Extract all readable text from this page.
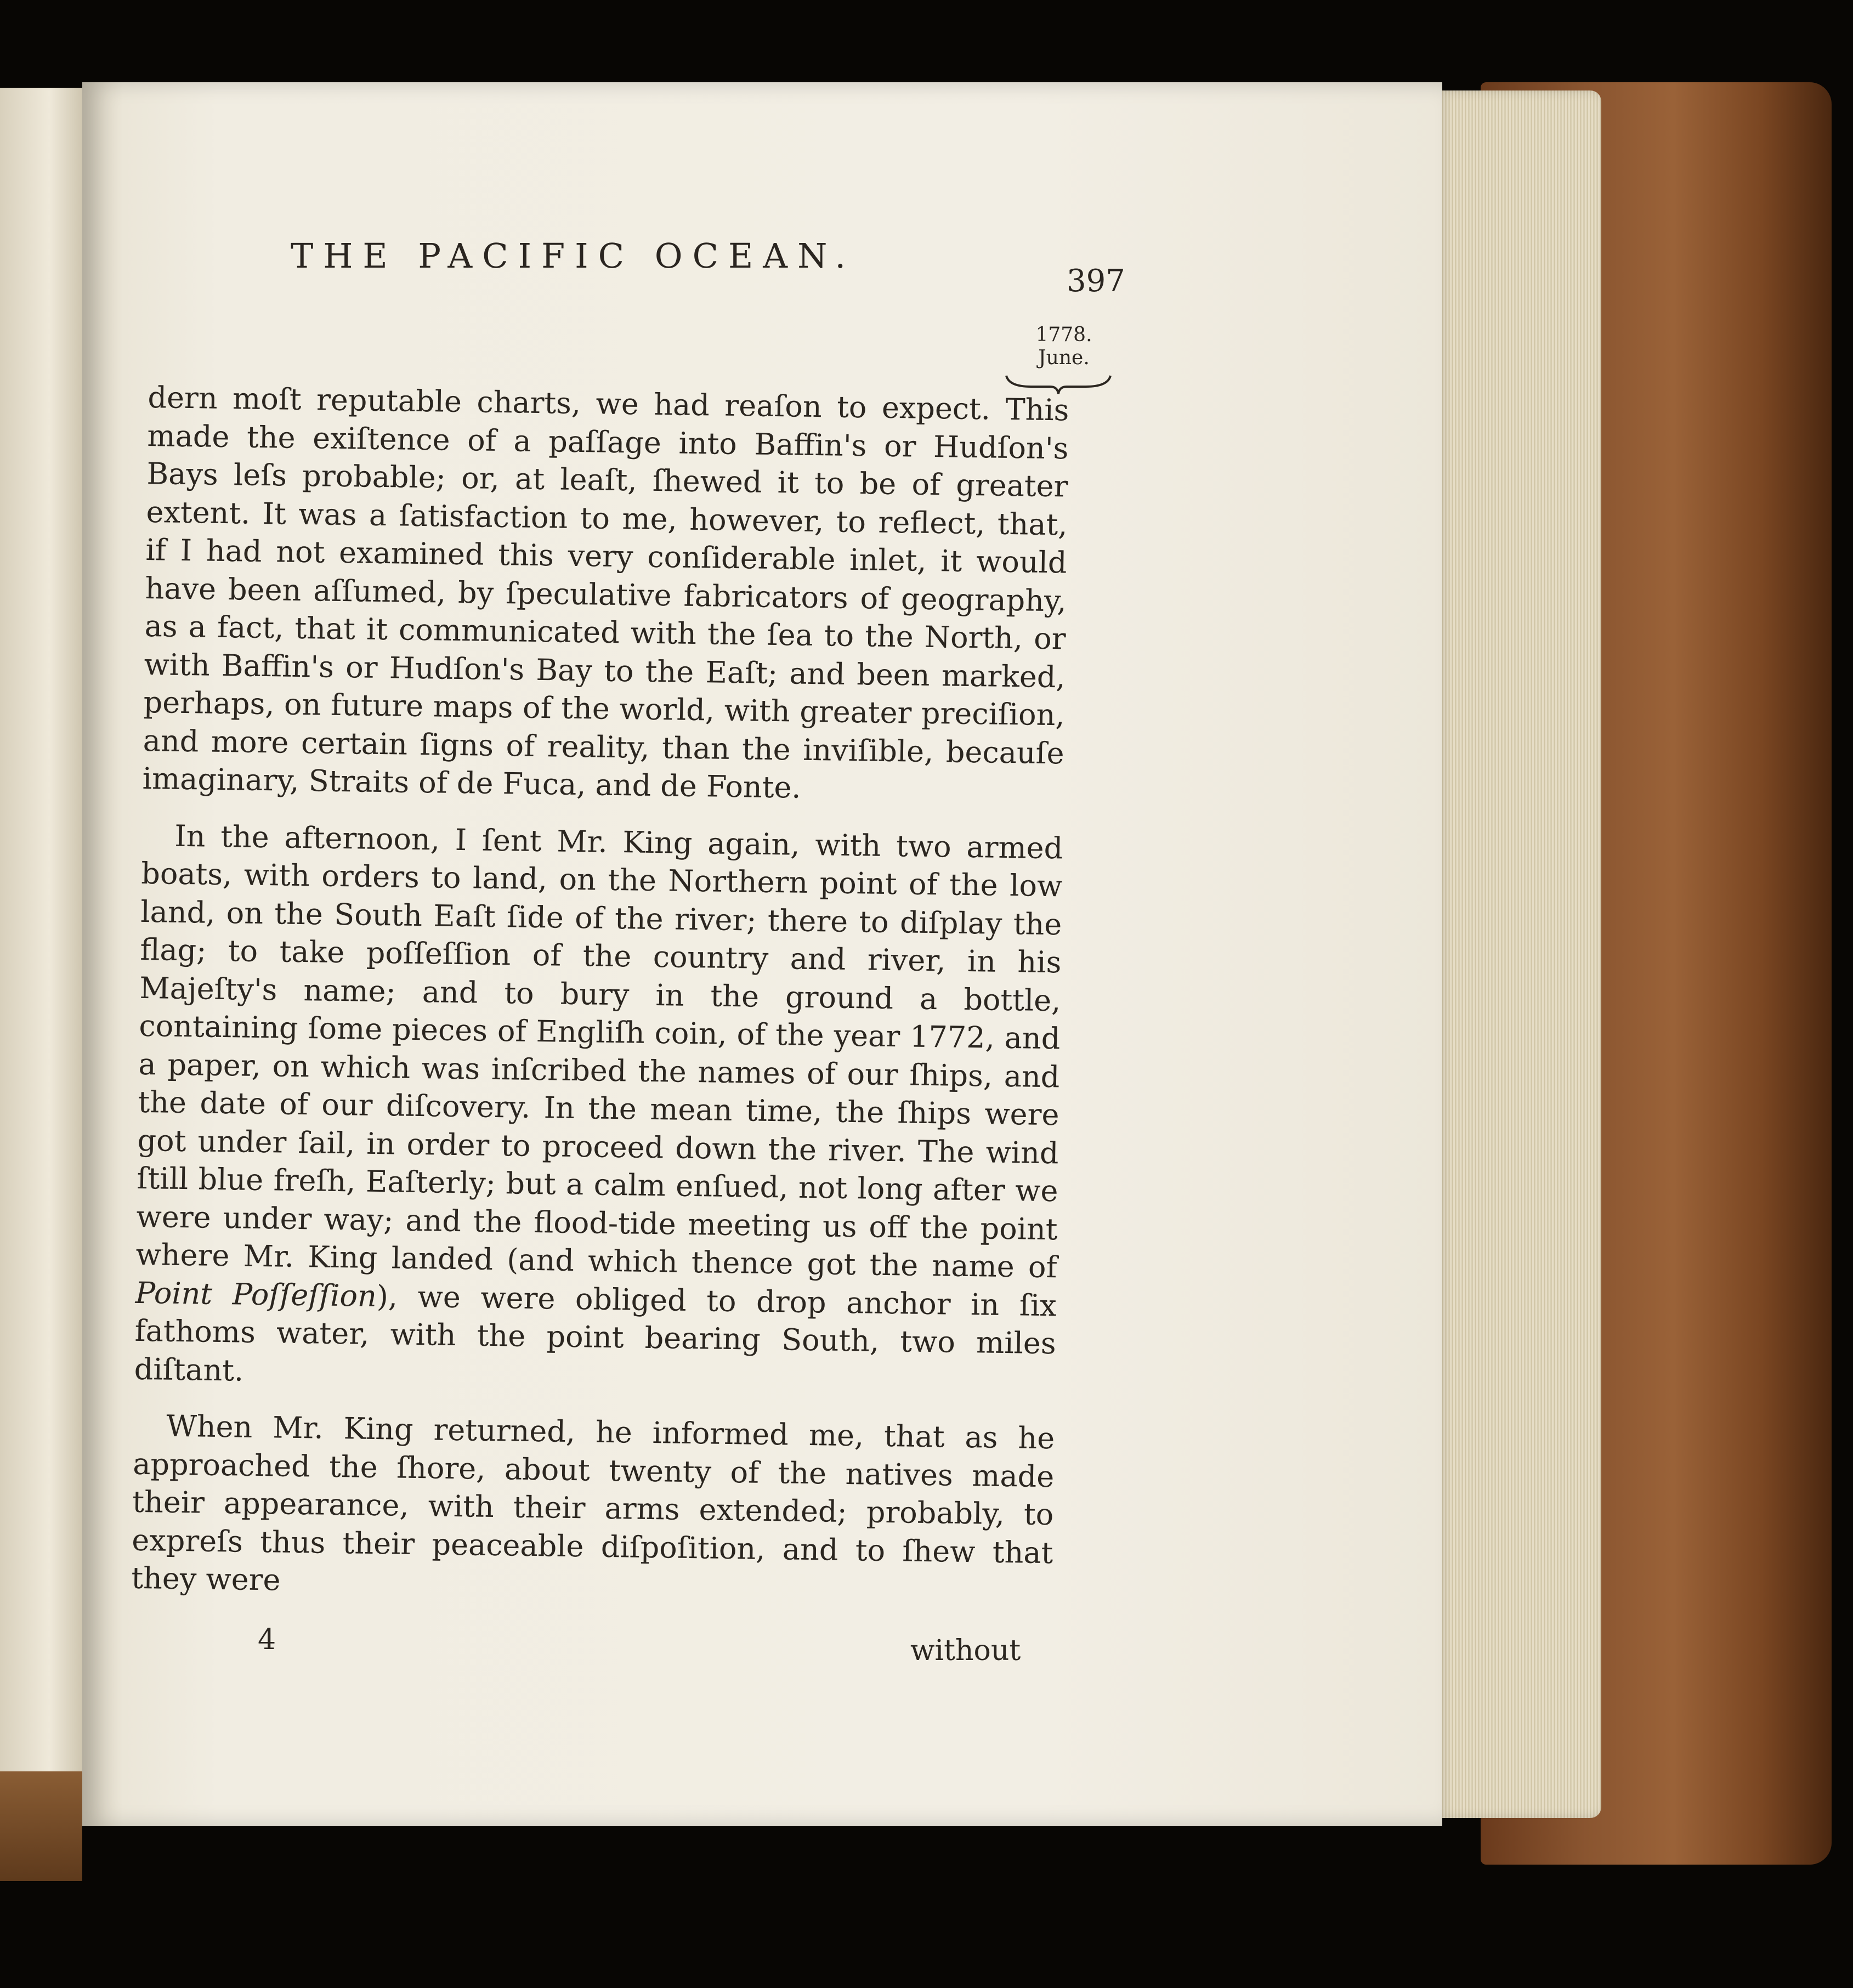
THE PACIFIC OCEAN.
397
1778.
June.

dern moſt reputable charts, we had reaſon to expect. This made the exiſtence of a paſſage into Baffin's or Hudſon's Bays leſs probable; or, at leaſt, ſhewed it to be of greater extent. It was a ſatisfaction to me, however, to reflect, that, if I had not examined this very conſiderable inlet, it would have been aſſumed, by ſpeculative fabricators of geography, as a fact, that it communicated with the ſea to the North, or with Baffin's or Hudſon's Bay to the Eaſt; and been marked, perhaps, on future maps of the world, with greater preciſion, and more certain ſigns of reality, than the inviſible, becauſe imaginary, Straits of de Fuca, and de Fonte.

In the afternoon, I ſent Mr. King again, with two armed boats, with orders to land, on the Northern point of the low land, on the South Eaſt ſide of the river; there to diſplay the flag; to take poſſeſſion of the country and river, in his Majeſty's name; and to bury in the ground a bottle, containing ſome pieces of Engliſh coin, of the year 1772, and a paper, on which was inſcribed the names of our ſhips, and the date of our diſcovery. In the mean time, the ſhips were got under ſail, in order to proceed down the river. The wind ſtill blue freſh, Eaſterly; but a calm enſued, not long after we were under way; and the flood-tide meeting us off the point where Mr. King landed (and which thence got the name of Point Poſſeſſion), we were obliged to drop anchor in ſix fathoms water, with the point bearing South, two miles diſtant.

When Mr. King returned, he informed me, that as he approached the ſhore, about twenty of the natives made their appearance, with their arms extended; probably, to expreſs thus their peaceable diſpoſition, and to ſhew that they were

4	without
